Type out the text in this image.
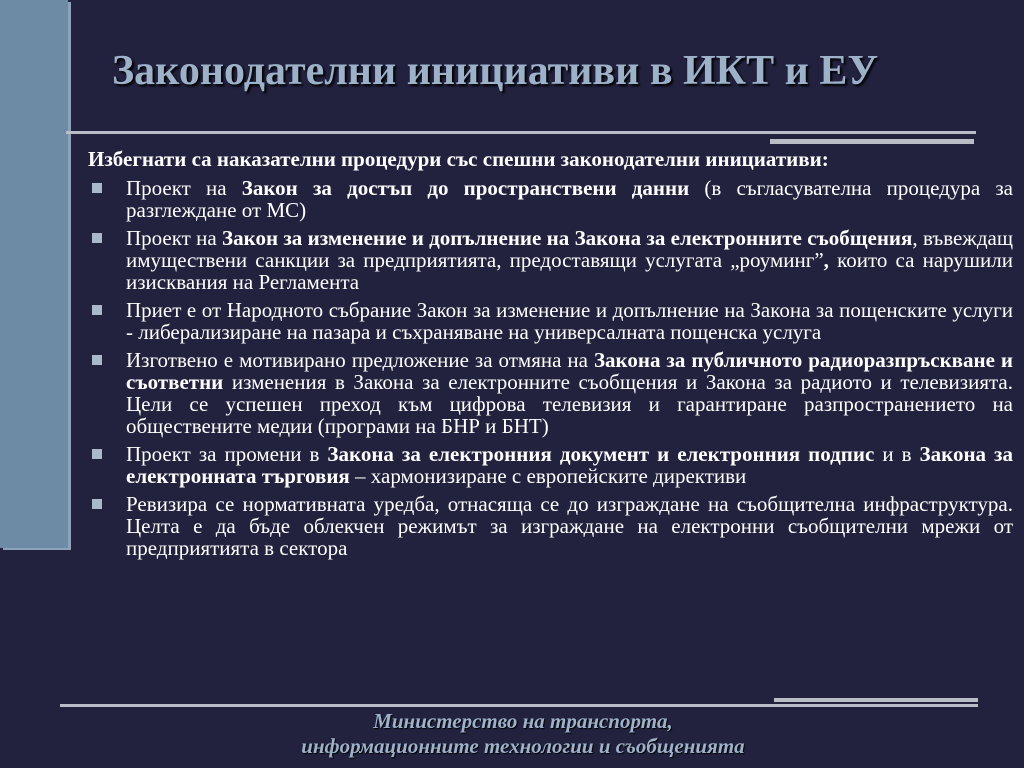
Законодателни инициативи в ИКТ и ЕУ

Избегнати са наказателни процедури със спешни законодателни инициативи:

Проект на Закон за достъп до пространствени данни (в съгласувателна процедура за разглеждане от МС)
Проект на Закон за изменение и допълнение на Закона за електронните съобщения, въвеждащ имуществени санкции за предприятията, предоставящи услугата „роуминг”, които са нарушили изисквания на Регламента
Приет е от Народното събрание Закон за изменение и допълнение на Закона за пощенските услуги - либерализиране на пазара и съхраняване на универсалната пощенска услуга
Изготвено е мотивирано предложение за отмяна на Закона за публичното радиоразпръскване и съответни изменения в Закона за електронните съобщения и Закона за радиото и телевизията. Цели се успешен преход към цифрова телевизия и гарантиране разпространението на обществените медии (програми на БНР и БНТ)
Проект за промени в Закона за електронния документ и електронния подпис и в Закона за електронната търговия – хармонизиране с европейските директиви
Ревизира се нормативната уредба, отнасяща се до изграждане на съобщителна инфраструктура. Целта е да бъде облекчен режимът за изграждане на електронни съобщителни мрежи от предприятията в сектора
Министерство на транспорта,
информационните технологии и съобщенията
